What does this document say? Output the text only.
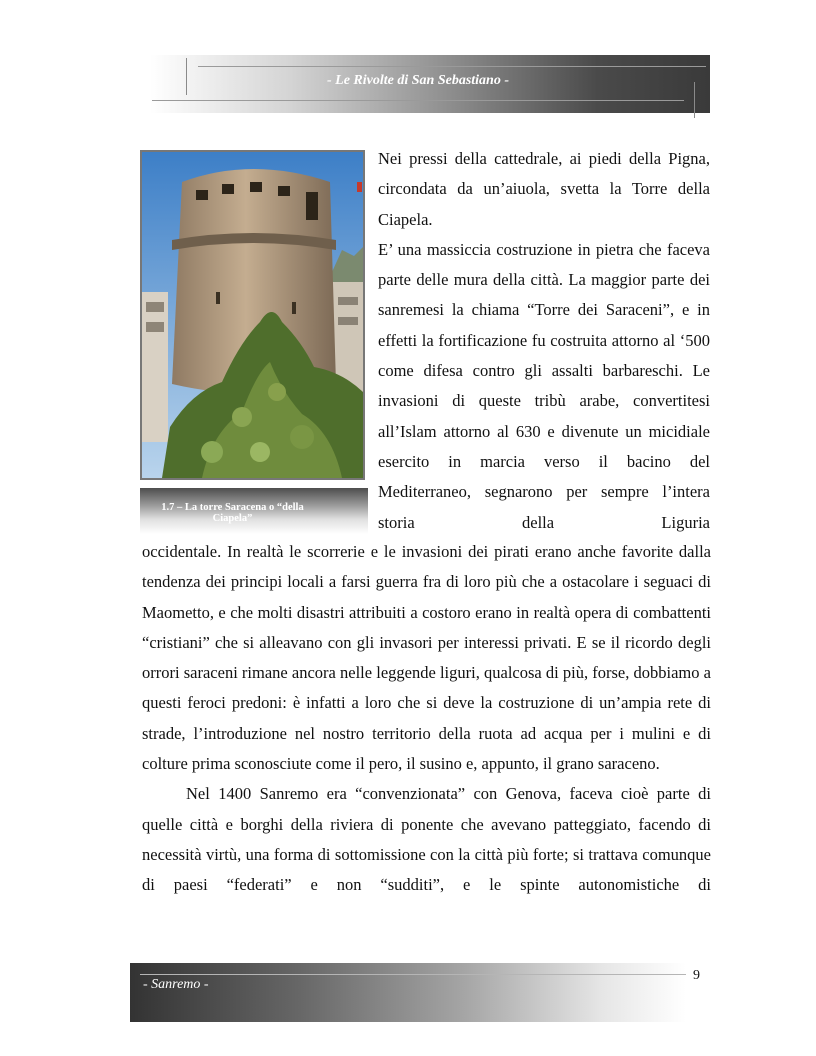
- Le Rivolte di San Sebastiano -
1.7 – La torre Saracena o “della Ciapela”

Nei pressi della cattedrale, ai piedi della Pigna, circondata da un’aiuola, svetta la Torre della Ciapela.

E’ una massiccia costruzione in pietra che faceva parte delle mura della città. La maggior parte dei sanremesi la chiama “Torre dei Saraceni”, e in effetti la fortificazione fu costruita attorno al ‘500 come difesa contro gli assalti barbareschi. Le invasioni di queste tribù arabe, convertitesi all’Islam attorno al 630 e divenute un micidiale esercito in marcia verso il bacino del Mediterraneo, segnarono per sempre l’intera storia della Liguria

occidentale. In realtà le scorrerie e le invasioni dei pirati erano anche favorite dalla tendenza dei principi locali a farsi guerra fra di loro più che a ostacolare i seguaci di Maometto, e che molti disastri attribuiti a costoro erano in realtà opera di combattenti “cristiani” che si alleavano con gli invasori per interessi privati. E se il ricordo degli orrori saraceni rimane ancora nelle leggende liguri, qualcosa di più, forse, dobbiamo a questi feroci predoni: è infatti a loro che si deve la costruzione di un’ampia rete di strade, l’introduzione nel nostro territorio della ruota ad acqua per i mulini e di colture prima sconosciute come il pero, il susino e, appunto, il grano saraceno.

Nel 1400 Sanremo era “convenzionata” con Genova, faceva cioè parte di quelle città e borghi della riviera di ponente che avevano patteggiato, facendo di necessità virtù, una forma di sottomissione con la città più forte; si trattava comunque di paesi “federati” e non “sudditi”, e le spinte autonomistiche di

- Sanremo -
9
